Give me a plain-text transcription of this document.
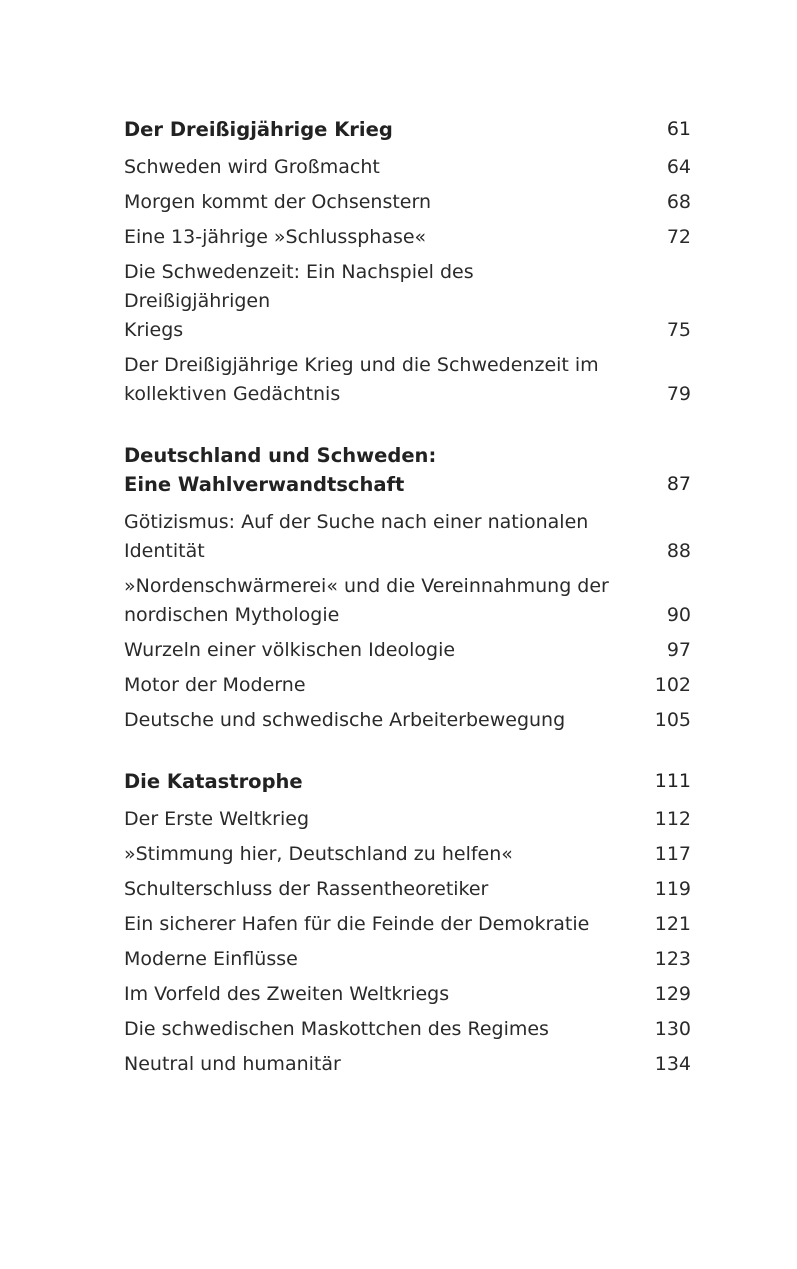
Der Dreißigjährige Krieg	61
Schweden wird Großmacht	64
Morgen kommt der Ochsenstern	68
Eine 13-jährige »Schlussphase«	72
Die Schwedenzeit: Ein Nachspiel des Dreißigjährigen
Kriegs	75
Der Dreißigjährige Krieg und die Schwedenzeit im
kollektiven Gedächtnis	79
Deutschland und Schweden:
Eine Wahlverwandtschaft	87
Götizismus: Auf der Suche nach einer nationalen
Identität	88
»Nordenschwärmerei« und die Vereinnahmung der
nordischen Mythologie	90
Wurzeln einer völkischen Ideologie	97
Motor der Moderne	102
Deutsche und schwedische Arbeiterbewegung	105
Die Katastrophe	111
Der Erste Weltkrieg	112
»Stimmung hier, Deutschland zu helfen«	117
Schulterschluss der Rassentheoretiker	119
Ein sicherer Hafen für die Feinde der Demokratie	121
Moderne Einflüsse	123
Im Vorfeld des Zweiten Weltkriegs	129
Die schwedischen Maskottchen des Regimes	130
Neutral und humanitär	134
